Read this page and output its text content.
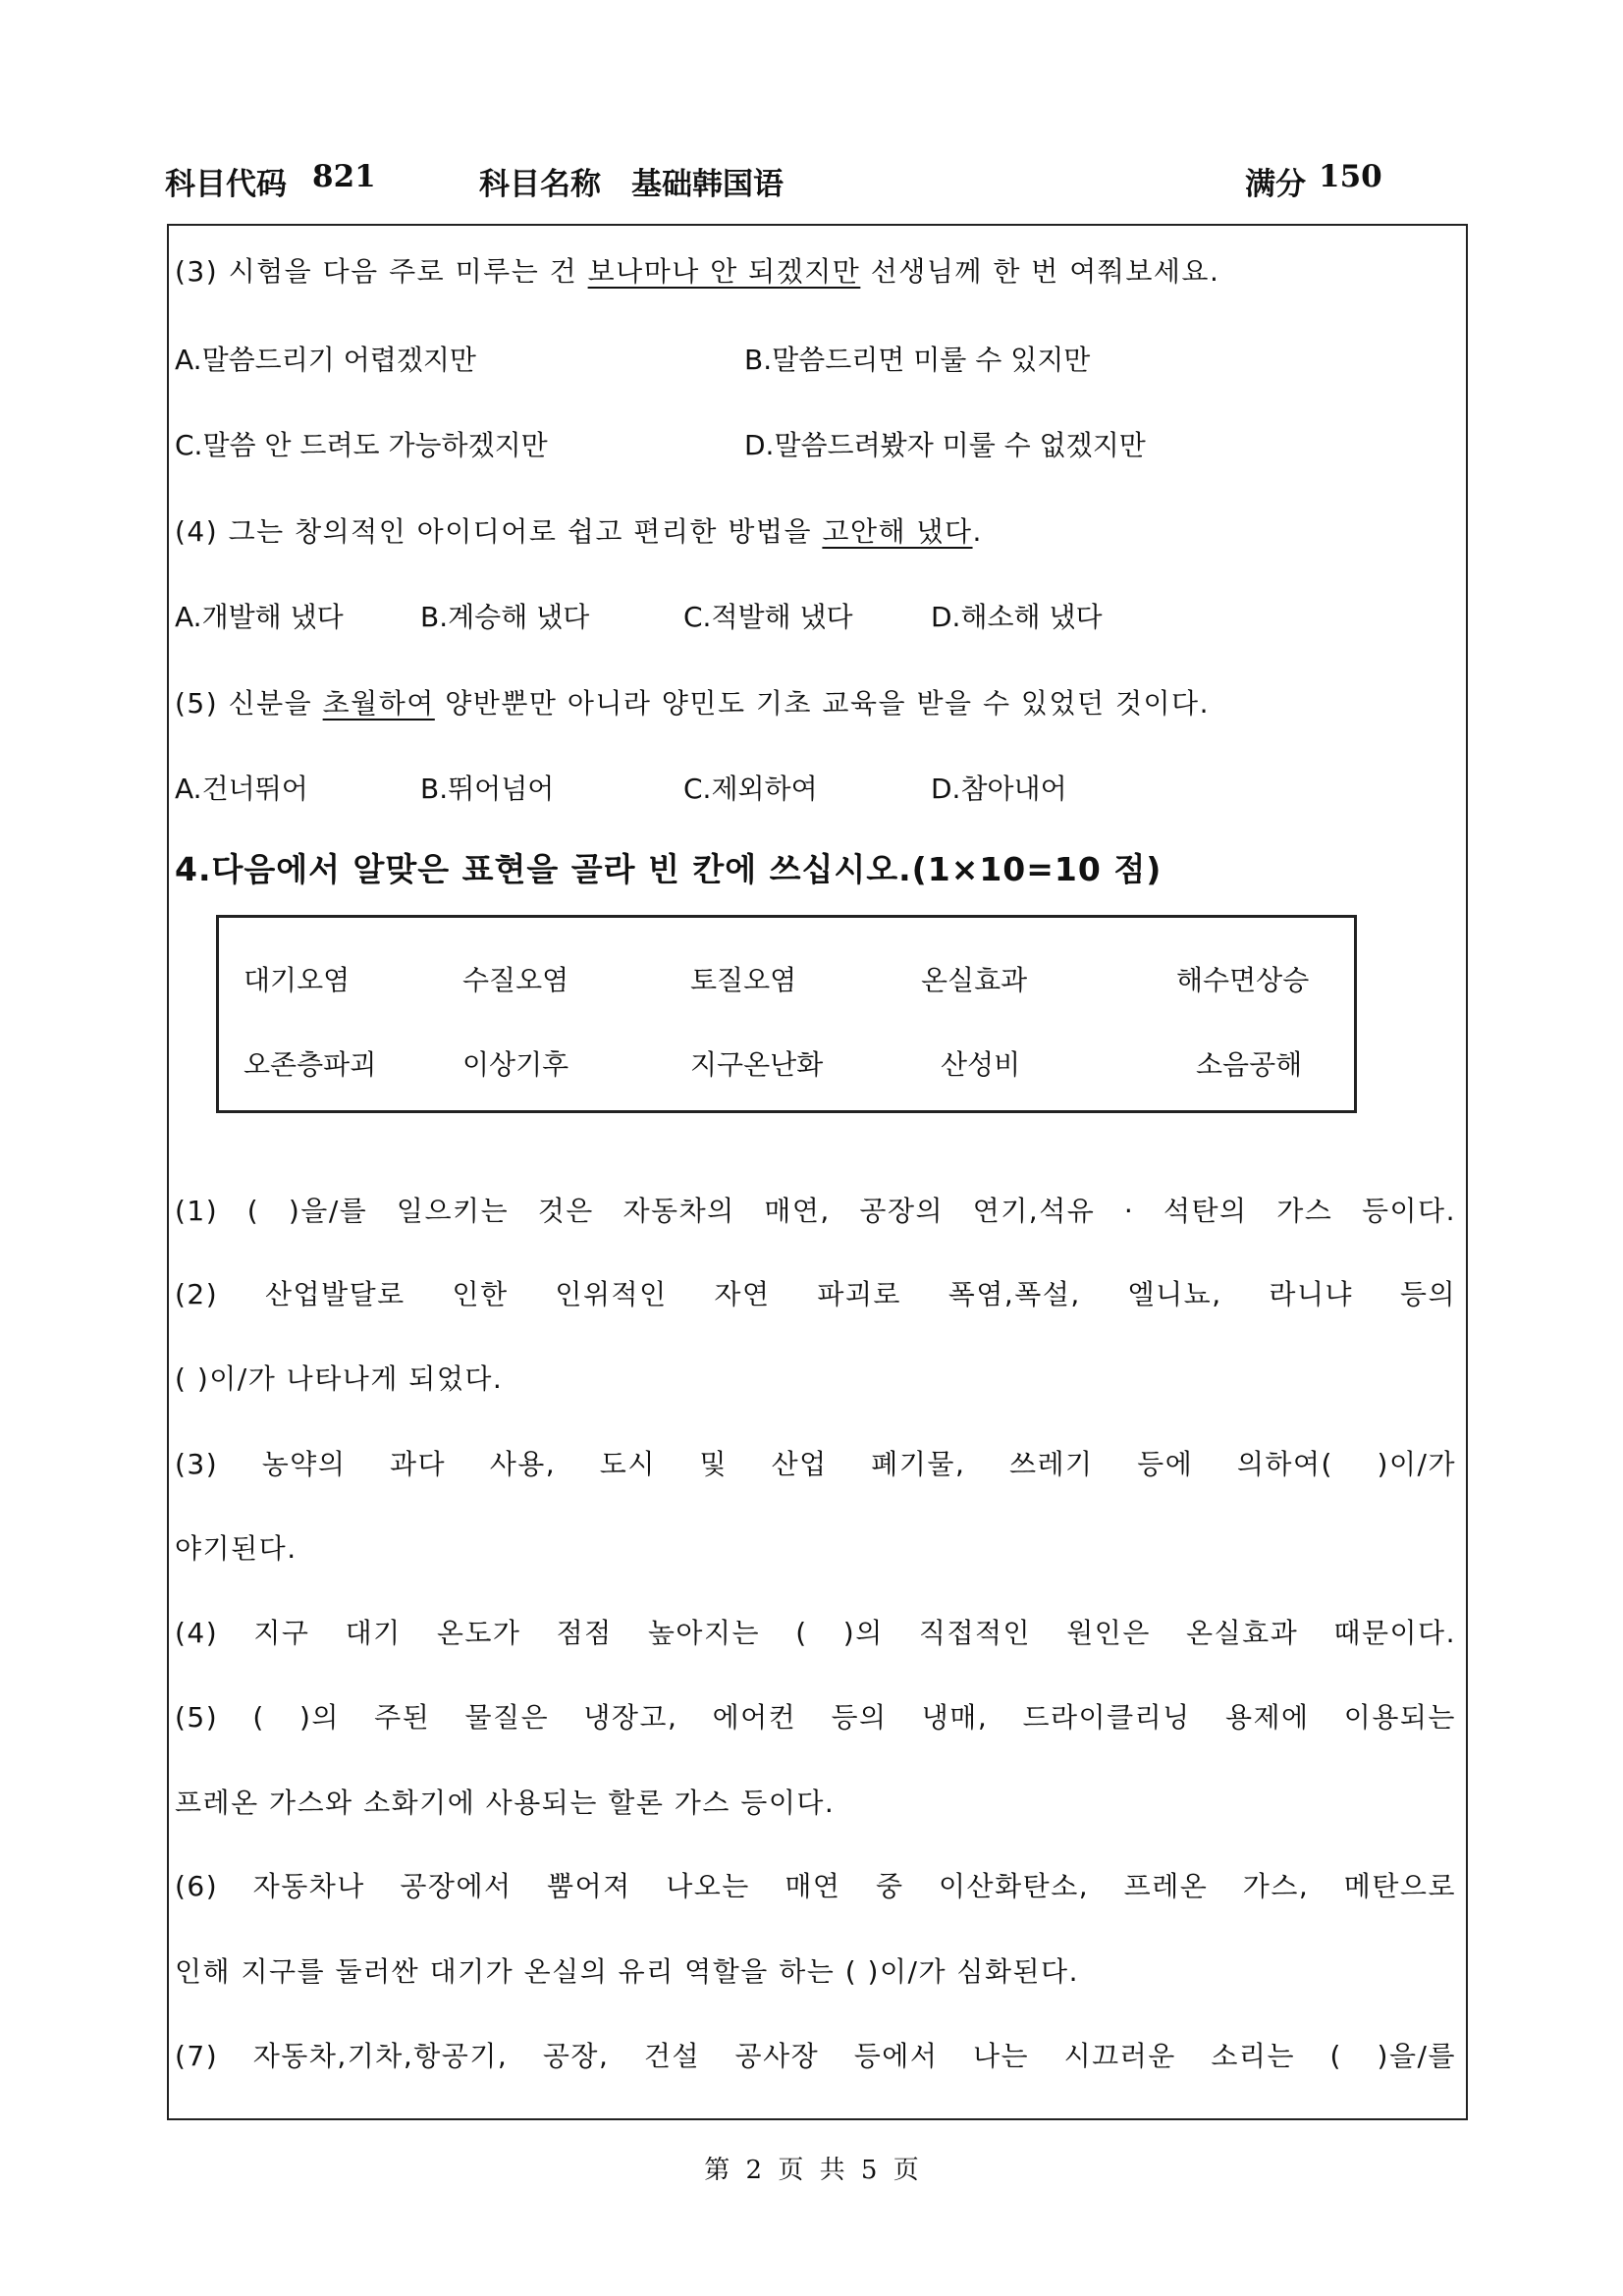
科目代码 821	科目名称 基础韩国语	满分 150
(3) 시험을 다음 주로 미루는 건 보나마나 안 되겠지만 선생님께 한 번 여쭤보세요.
A.말씀드리기 어렵겠지만	B.말씀드리면 미룰 수 있지만
C.말씀 안 드려도 가능하겠지만	D.말씀드려봤자 미룰 수 없겠지만
(4) 그는 창의적인 아이디어로 쉽고 편리한 방법을 고안해 냈다.
A.개발해 냈다	B.계승해 냈다	C.적발해 냈다	D.해소해 냈다
(5) 신분을 초월하여 양반뿐만 아니라 양민도 기초 교육을 받을 수 있었던 것이다.
A.건너뛰어	B.뛰어넘어	C.제외하여	D.참아내어
4.다음에서 알맞은 표현을 골라 빈 칸에 쓰십시오.(1×10=10 점)
대기오염	수질오염	토질오염	온실효과	해수면상승
오존층파괴	이상기후	지구온난화	산성비	소음공해
(1) ( )을/를 일으키는 것은 자동차의 매연, 공장의 연기,석유 · 석탄의 가스 등이다.
(2) 산업발달로 인한 인위적인 자연 파괴로 폭염,폭설, 엘니뇨, 라니냐 등의
( )이/가 나타나게 되었다.
(3) 농약의 과다 사용, 도시 및 산업 폐기물, 쓰레기 등에 의하여( )이/가
야기된다.
(4) 지구 대기 온도가 점점 높아지는 ( )의 직접적인 원인은 온실효과 때문이다.
(5) ( )의 주된 물질은 냉장고, 에어컨 등의 냉매, 드라이클리닝 용제에 이용되는
프레온 가스와 소화기에 사용되는 할론 가스 등이다.
(6) 자동차나 공장에서 뿜어져 나오는 매연 중 이산화탄소, 프레온 가스, 메탄으로
인해 지구를 둘러싼 대기가 온실의 유리 역할을 하는 ( )이/가 심화된다.
(7) 자동차,기차,항공기, 공장, 건설 공사장 등에서 나는 시끄러운 소리는 ( )을/를
第 2 页 共 5 页
